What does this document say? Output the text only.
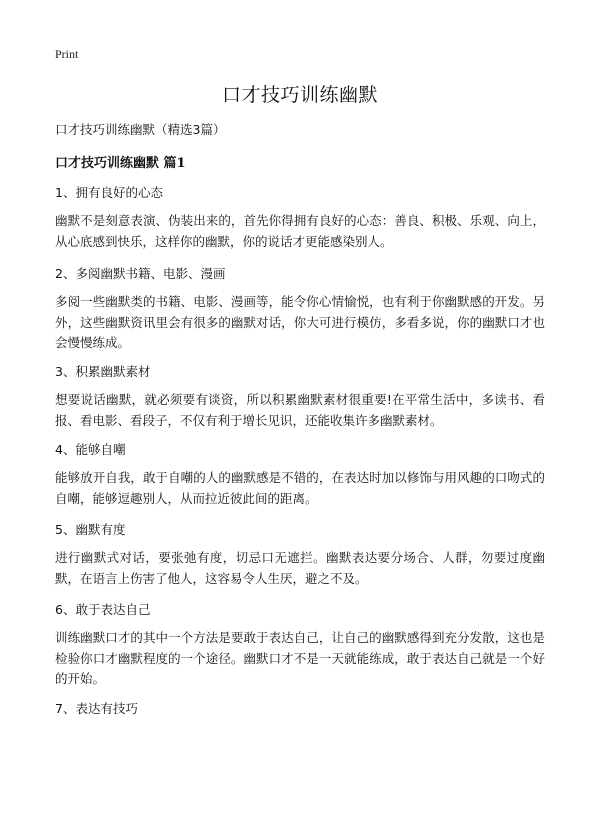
Print
口才技巧训练幽默
口才技巧训练幽默（精选3篇）
口才技巧训练幽默 篇1
1、拥有良好的心态

幽默不是刻意表演、伪装出来的，首先你得拥有良好的心态：善良、积极、乐观、向上，从心底感到快乐，这样你的幽默，你的说话才更能感染别人。

2、多阅幽默书籍、电影、漫画

多阅一些幽默类的书籍、电影、漫画等，能令你心情愉悦，也有利于你幽默感的开发。另外，这些幽默资讯里会有很多的幽默对话，你大可进行模仿，多看多说，你的幽默口才也会慢慢练成。

3、积累幽默素材

想要说话幽默，就必须要有谈资，所以积累幽默素材很重要!在平常生活中，多读书、看报、看电影、看段子，不仅有利于增长见识，还能收集许多幽默素材。

4、能够自嘲

能够放开自我，敢于自嘲的人的幽默感是不错的，在表达时加以修饰与用风趣的口吻式的自嘲，能够逗趣别人，从而拉近彼此间的距离。

5、幽默有度

进行幽默式对话，要张弛有度，切忌口无遮拦。幽默表达要分场合、人群，勿要过度幽默，在语言上伤害了他人，这容易令人生厌，避之不及。

6、敢于表达自己

训练幽默口才的其中一个方法是要敢于表达自己，让自己的幽默感得到充分发散，这也是检验你口才幽默程度的一个途径。幽默口才不是一天就能练成，敢于表达自己就是一个好的开始。

7、表达有技巧
